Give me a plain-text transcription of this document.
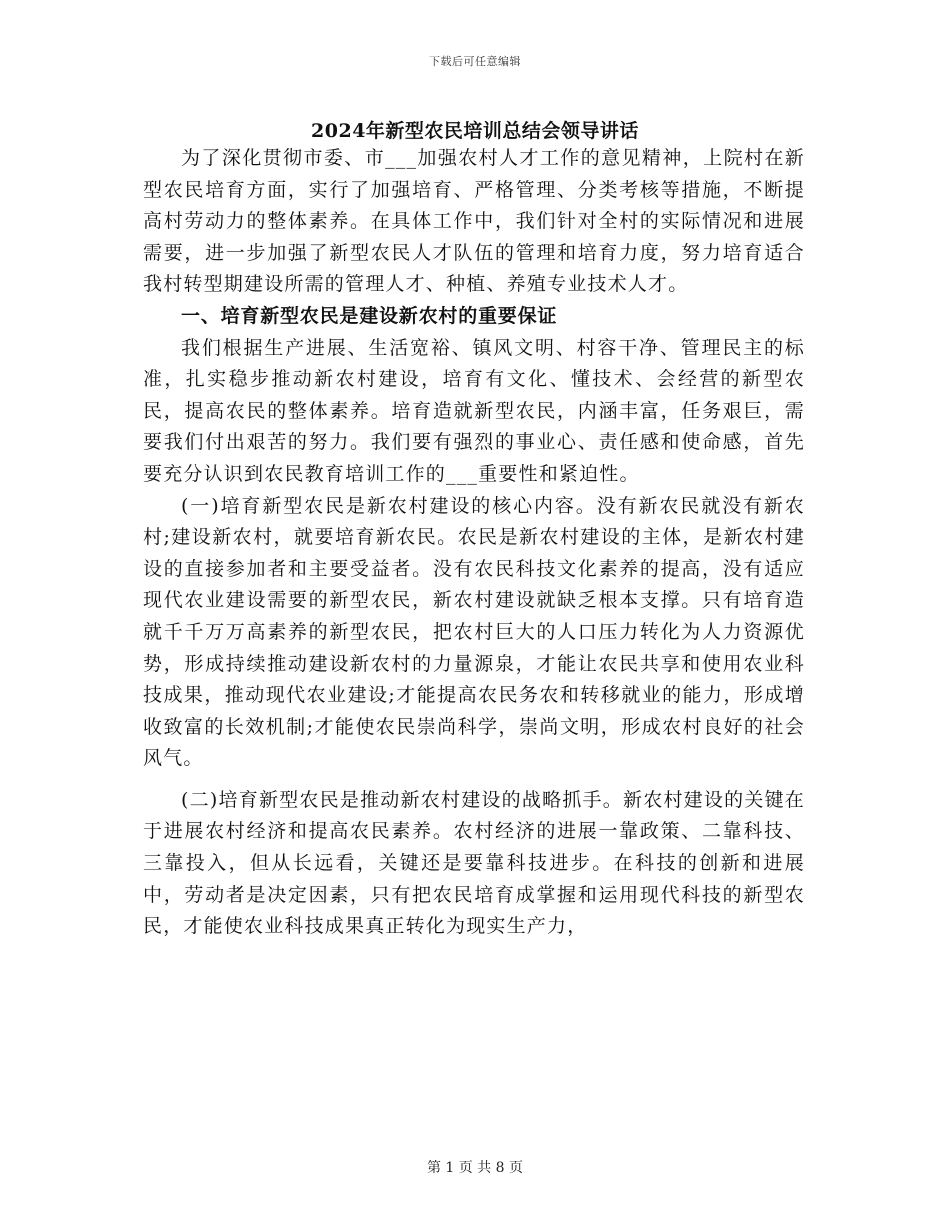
下载后可任意编辑
2024年新型农民培训总结会领导讲话

为了深化贯彻市委、市___加强农村人才工作的意见精神，上院村在新型农民培育方面，实行了加强培育、严格管理、分类考核等措施，不断提高村劳动力的整体素养。在具体工作中，我们针对全村的实际情况和进展需要，进一步加强了新型农民人才队伍的管理和培育力度，努力培育适合我村转型期建设所需的管理人才、种植、养殖专业技术人才。

一、培育新型农民是建设新农村的重要保证

我们根据生产进展、生活宽裕、镇风文明、村容干净、管理民主的标准，扎实稳步推动新农村建设，培育有文化、懂技术、会经营的新型农民，提高农民的整体素养。培育造就新型农民，内涵丰富，任务艰巨，需要我们付出艰苦的努力。我们要有强烈的事业心、责任感和使命感，首先要充分认识到农民教育培训工作的___重要性和紧迫性。

(一)培育新型农民是新农村建设的核心内容。没有新农民就没有新农村;建设新农村，就要培育新农民。农民是新农村建设的主体，是新农村建设的直接参加者和主要受益者。没有农民科技文化素养的提高，没有适应现代农业建设需要的新型农民，新农村建设就缺乏根本支撑。只有培育造就千千万万高素养的新型农民，把农村巨大的人口压力转化为人力资源优势，形成持续推动建设新农村的力量源泉，才能让农民共享和使用农业科技成果，推动现代农业建设;才能提高农民务农和转移就业的能力，形成增收致富的长效机制;才能使农民崇尚科学，崇尚文明，形成农村良好的社会风气。

(二)培育新型农民是推动新农村建设的战略抓手。新农村建设的关键在于进展农村经济和提高农民素养。农村经济的进展一靠政策、二靠科技、三靠投入，但从长远看，关键还是要靠科技进步。在科技的创新和进展中，劳动者是决定因素，只有把农民培育成掌握和运用现代科技的新型农民，才能使农业科技成果真正转化为现实生产力，

第 1 页 共 8 页
